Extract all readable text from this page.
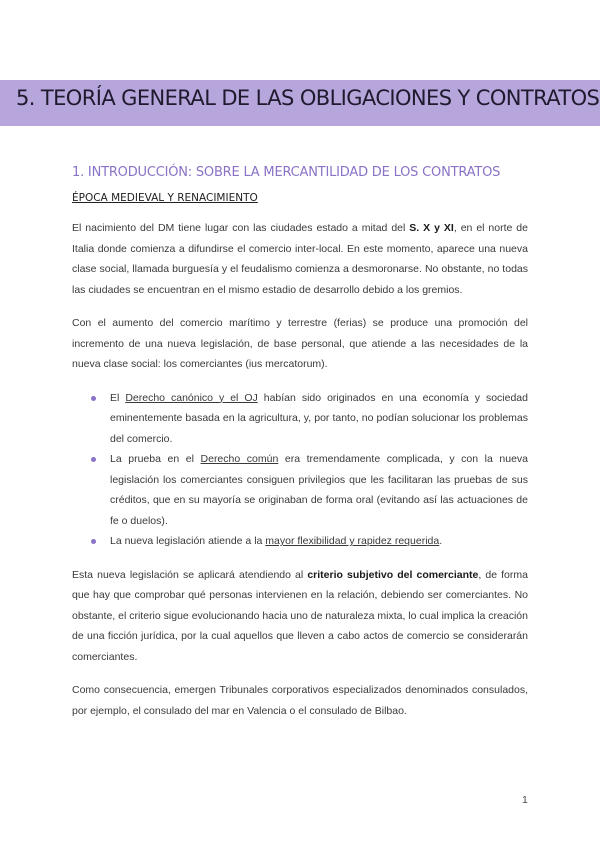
5. TEORÍA GENERAL DE LAS OBLIGACIONES Y CONTRATOS
1. INTRODUCCIÓN: SOBRE LA MERCANTILIDAD DE LOS CONTRATOS
ÉPOCA MEDIEVAL Y RENACIMIENTO

El nacimiento del DM tiene lugar con las ciudades estado a mitad del S. X y XI, en el norte de Italia donde comienza a difundirse el comercio inter-local. En este momento, aparece una nueva clase social, llamada burguesía y el feudalismo comienza a desmoronarse. No obstante, no todas las ciudades se encuentran en el mismo estadio de desarrollo debido a los gremios.

Con el aumento del comercio marítimo y terrestre (ferias) se produce una promoción del incremento de una nueva legislación, de base personal, que atiende a las necesidades de la nueva clase social: los comerciantes (ius mercatorum).

El Derecho canónico y el OJ habían sido originados en una economía y sociedad eminentemente basada en la agricultura, y, por tanto, no podían solucionar los problemas del comercio.
La prueba en el Derecho común era tremendamente complicada, y con la nueva legislación los comerciantes consiguen privilegios que les facilitaran las pruebas de sus créditos, que en su mayoría se originaban de forma oral (evitando así las actuaciones de fe o duelos).
La nueva legislación atiende a la mayor flexibilidad y rapidez requerida.

Esta nueva legislación se aplicará atendiendo al criterio subjetivo del comerciante, de forma que hay que comprobar qué personas intervienen en la relación, debiendo ser comerciantes. No obstante, el criterio sigue evolucionando hacia uno de naturaleza mixta, lo cual implica la creación de una ficción jurídica, por la cual aquellos que lleven a cabo actos de comercio se considerarán comerciantes.

Como consecuencia, emergen Tribunales corporativos especializados denominados consulados, por ejemplo, el consulado del mar en Valencia o el consulado de Bilbao.

1
